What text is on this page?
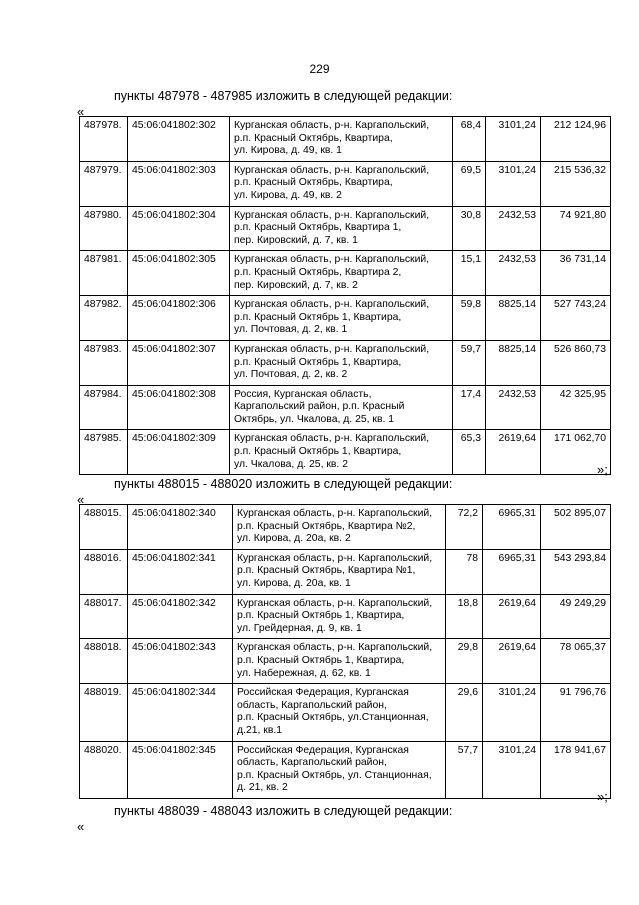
229
пункты 487978 - 487985 изложить в следующей редакции:
«
487978.	45:06:041802:302	Курганская область, р-н. Каргапольский,
р.п. Красный Октябрь, Квартира,
ул. Кирова, д. 49, кв. 1	68,4	3101,24	212 124,96
487979.	45:06:041802:303	Курганская область, р-н. Каргапольский,
р.п. Красный Октябрь, Квартира,
ул. Кирова, д. 49, кв. 2	69,5	3101,24	215 536,32
487980.	45:06:041802:304	Курганская область, р-н. Каргапольский,
р.п. Красный Октябрь, Квартира 1,
пер. Кировский, д. 7, кв. 1	30,8	2432,53	74 921,80
487981.	45:06:041802:305	Курганская область, р-н. Каргапольский,
р.п. Красный Октябрь, Квартира 2,
пер. Кировский, д. 7, кв. 2	15,1	2432,53	36 731,14
487982.	45:06:041802:306	Курганская область, р-н. Каргапольский,
р.п. Красный Октябрь 1, Квартира,
ул. Почтовая, д. 2, кв. 1	59,8	8825,14	527 743,24
487983.	45:06:041802:307	Курганская область, р-н. Каргапольский,
р.п. Красный Октябрь 1, Квартира,
ул. Почтовая, д. 2, кв. 2	59,7	8825,14	526 860,73
487984.	45:06:041802:308	Россия, Курганская область,
Каргапольский район, р.п. Красный
Октябрь, ул. Чкалова, д. 25, кв. 1	17,4	2432,53	42 325,95
487985.	45:06:041802:309	Курганская область, р-н. Каргапольский,
р.п. Красный Октябрь 1, Квартира,
ул. Чкалова, д. 25, кв. 2	65,3	2619,64	171 062,70
»;
пункты 488015 - 488020 изложить в следующей редакции:
«
488015.	45:06:041802:340	Курганская область, р-н. Каргапольский,
р.п. Красный Октябрь, Квартира №2,
ул. Кирова, д. 20а, кв. 2	72,2	6965,31	502 895,07
488016.	45:06:041802:341	Курганская область, р-н. Каргапольский,
р.п. Красный Октябрь, Квартира №1,
ул. Кирова, д. 20а, кв. 1	78	6965,31	543 293,84
488017.	45:06:041802:342	Курганская область, р-н. Каргапольский,
р.п. Красный Октябрь 1, Квартира,
ул. Грейдерная, д. 9, кв. 1	18,8	2619,64	49 249,29
488018.	45:06:041802:343	Курганская область, р-н. Каргапольский,
р.п. Красный Октябрь 1, Квартира,
ул. Набережная, д. 62, кв. 1	29,8	2619,64	78 065,37
488019.	45:06:041802:344	Российская Федерация, Курганская
область, Каргапольский район,
р.п. Красный Октябрь, ул.Станционная,
д.21, кв.1	29,6	3101,24	91 796,76
488020.	45:06:041802:345	Российская Федерация, Курганская
область, Каргапольский район,
р.п. Красный Октябрь, ул. Станционная,
д. 21, кв. 2	57,7	3101,24	178 941,67
»;
пункты 488039 - 488043 изложить в следующей редакции:
«
